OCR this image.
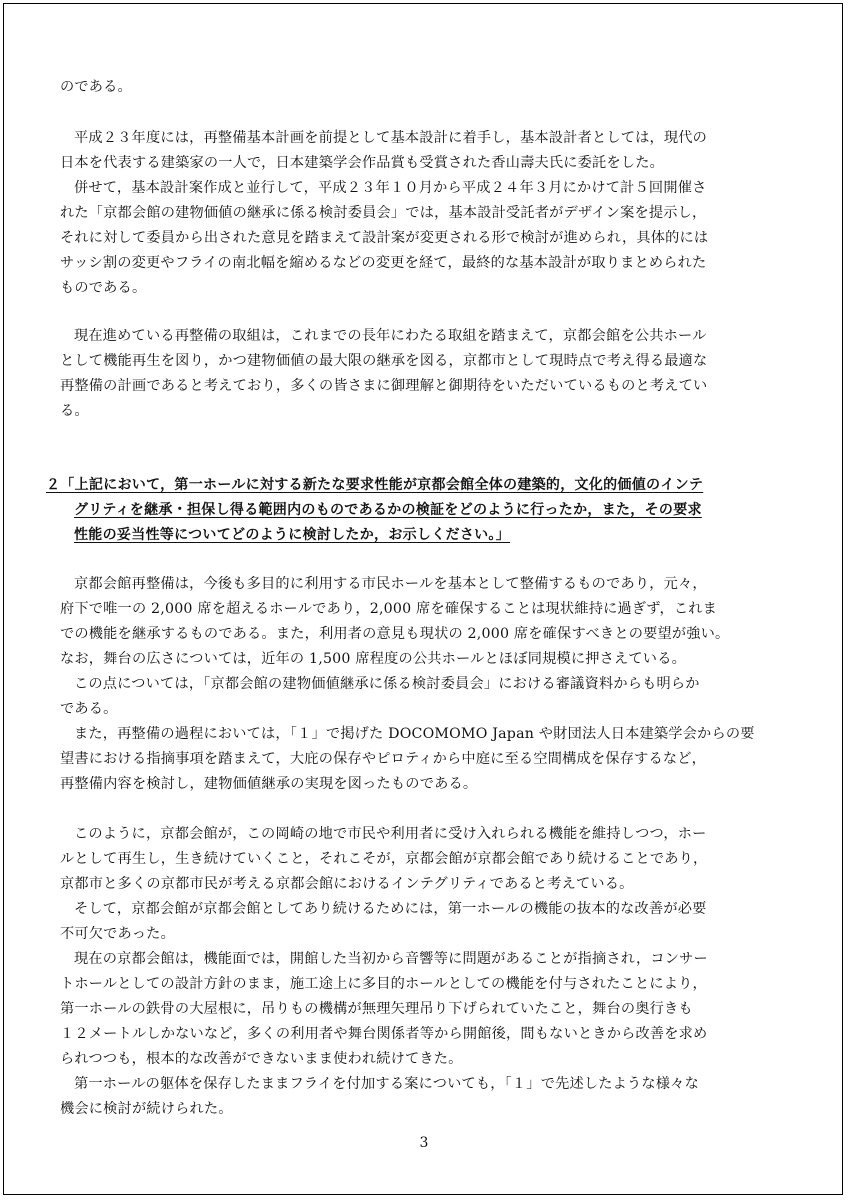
のである。
平成２３年度には，再整備基本計画を前提として基本設計に着手し，基本設計者としては，現代の
日本を代表する建築家の一人で，日本建築学会作品賞も受賞された香山壽夫氏に委託をした。
併せて，基本設計案作成と並行して，平成２３年１０月から平成２４年３月にかけて計５回開催さ
れた「京都会館の建物価値の継承に係る検討委員会」では，基本設計受託者がデザイン案を提示し，
それに対して委員から出された意見を踏まえて設計案が変更される形で検討が進められ，具体的には
サッシ割の変更やフライの南北幅を縮めるなどの変更を経て，最終的な基本設計が取りまとめられた
ものである。
現在進めている再整備の取組は，これまでの長年にわたる取組を踏まえて，京都会館を公共ホール
として機能再生を図り，かつ建物価値の最大限の継承を図る，京都市として現時点で考え得る最適な
再整備の計画であると考えており，多くの皆さまに御理解と御期待をいただいているものと考えてい
る。
２「上記において，第一ホールに対する新たな要求性能が京都会館全体の建築的，文化的価値のインテ
グリティを継承・担保し得る範囲内のものであるかの検証をどのように行ったか，また，その要求
性能の妥当性等についてどのように検討したか，お示しください。」
京都会館再整備は，今後も多目的に利用する市民ホールを基本として整備するものであり，元々，
府下で唯一の 2,000 席を超えるホールであり，2,000 席を確保することは現状維持に過ぎず，これま
での機能を継承するものである。また，利用者の意見も現状の 2,000 席を確保すべきとの要望が強い。
なお，舞台の広さについては，近年の 1,500 席程度の公共ホールとほぼ同規模に押さえている。
この点については，「京都会館の建物価値継承に係る検討委員会」における審議資料からも明らか
である。
また，再整備の過程においては，「１」で掲げた DOCOMOMO Japan や財団法人日本建築学会からの要
望書における指摘事項を踏まえて，大庇の保存やピロティから中庭に至る空間構成を保存するなど，
再整備内容を検討し，建物価値継承の実現を図ったものである。
このように，京都会館が，この岡崎の地で市民や利用者に受け入れられる機能を維持しつつ，ホー
ルとして再生し，生き続けていくこと，それこそが，京都会館が京都会館であり続けることであり，
京都市と多くの京都市民が考える京都会館におけるインテグリティであると考えている。
そして，京都会館が京都会館としてあり続けるためには，第一ホールの機能の抜本的な改善が必要
不可欠であった。
現在の京都会館は，機能面では，開館した当初から音響等に問題があることが指摘され，コンサー
トホールとしての設計方針のまま，施工途上に多目的ホールとしての機能を付与されたことにより，
第一ホールの鉄骨の大屋根に，吊りもの機構が無理矢理吊り下げられていたこと，舞台の奥行きも
１２メートルしかないなど，多くの利用者や舞台関係者等から開館後，間もないときから改善を求め
られつつも，根本的な改善ができないまま使われ続けてきた。
第一ホールの躯体を保存したままフライを付加する案についても，「１」で先述したような様々な
機会に検討が続けられた。
3
